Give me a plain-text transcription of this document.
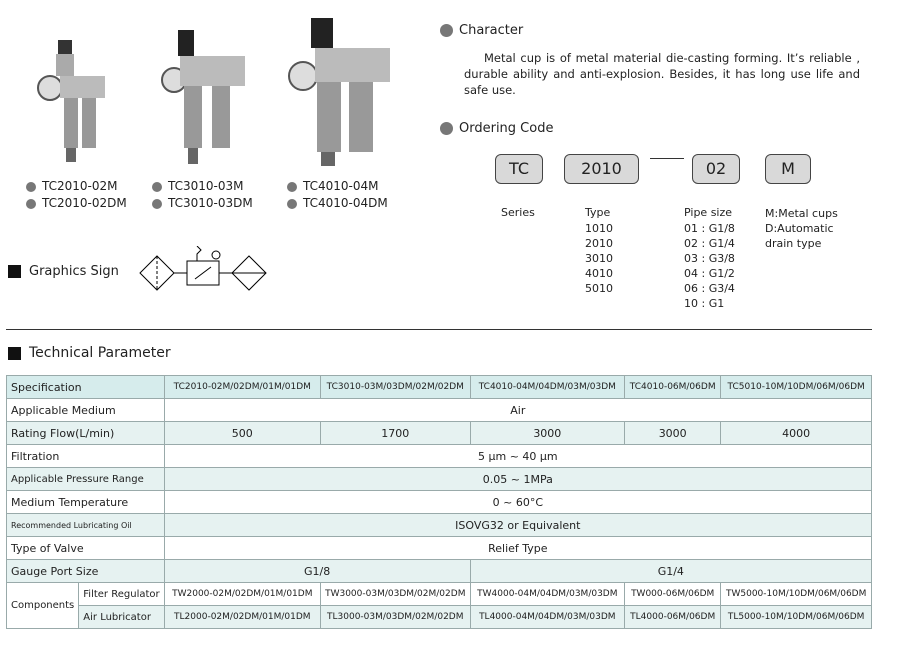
TC2010-02M
TC2010-02DM
TC3010-03M
TC3010-03DM
TC4010-04M
TC4010-04DM
Graphics Sign
Character
Metal cup is of metal material die-casting forming. It’s reliable , durable ability and anti-explosion. Besides, it has long use life and safe use.
Ordering Code
TC	2010	02	M
Series	Type
1010
2010
3010
4010
5010
Pipe size
01 : G1/8
02 : G1/4
03 : G3/8
04 : G1/2
06 : G3/4
10 : G1
M:Metal cups
D:Automatic
drain type
Technical Parameter
Specification		TC2010-02M/02DM/01M/01DM	TC3010-03M/03DM/02M/02DM	TC4010-04M/04DM/03M/03DM	TC4010-06M/06DM	TC5010-10M/10DM/06M/06DM
Applicable Medium		Air				
Rating Flow(L/min)		500	1700	3000	3000	4000
Filtration		5 µm ~ 40 µm				
Applicable Pressure Range		0.05 ~ 1MPa				
Medium Temperature		0 ~ 60°C				
Recommended Lubricating Oil		ISOVG32 or Equivalent				
Type of Valve		Relief Type				
Gauge Port Size		G1/8		G1/4		
Components	Filter Regulator	TW2000-02M/02DM/01M/01DM	TW3000-03M/03DM/02M/02DM	TW4000-04M/04DM/03M/03DM	TW000-06M/06DM	TW5000-10M/10DM/06M/06DM
	Air Lubricator	TL2000-02M/02DM/01M/01DM	TL3000-03M/03DM/02M/02DM	TL4000-04M/04DM/03M/03DM	TL4000-06M/06DM	TL5000-10M/10DM/06M/06DM
